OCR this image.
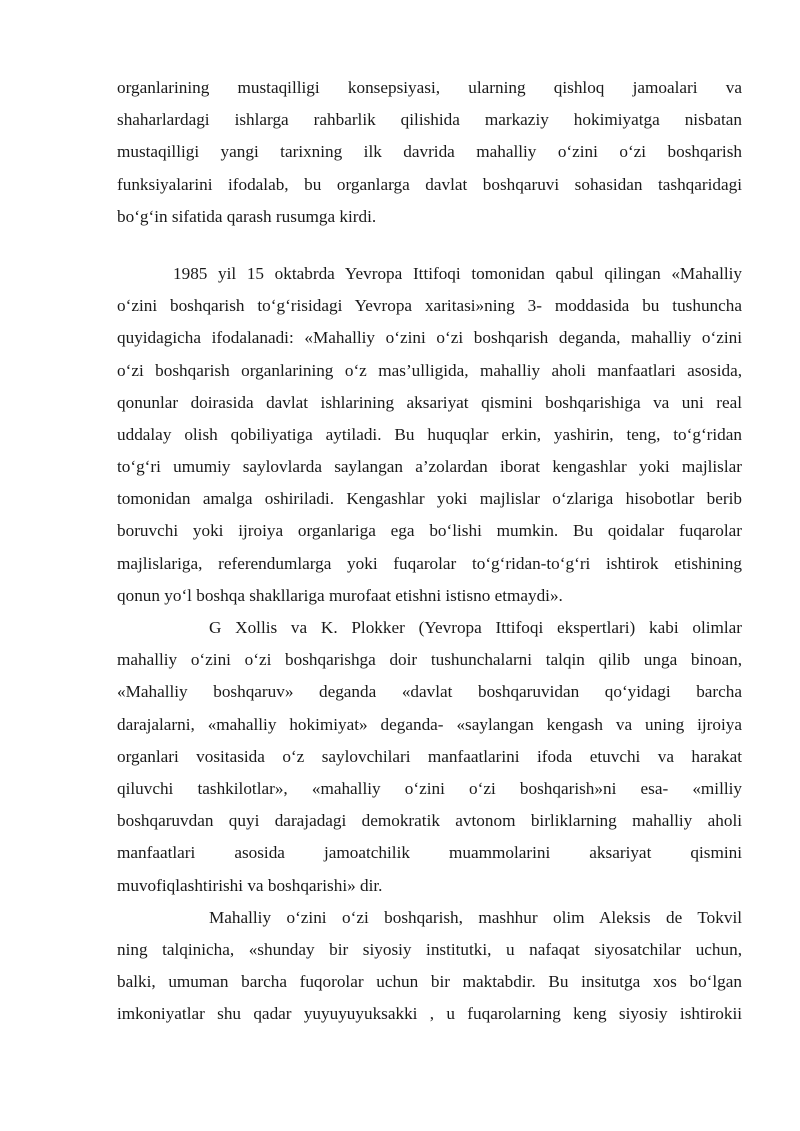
organlarining mustaqilligi konsepsiyasi, ularning qishloq jamoalari va
shaharlardagi ishlarga rahbarlik qilishida markaziy hokimiyatga nisbatan
mustaqilligi yangi tarixning ilk davrida mahalliy o‘zini o‘zi boshqarish
funksiyalarini ifodalab, bu organlarga davlat boshqaruvi sohasidan tashqaridagi
bo‘g‘in sifatida qarash rusumga kirdi.
1985 yil 15 oktabrda Yevropa Ittifoqi tomonidan qabul qilingan «Mahalliy
o‘zini boshqarish to‘g‘risidagi Yevropa xaritasi»ning 3- moddasida bu tushuncha
quyidagicha ifodalanadi: «Mahalliy o‘zini o‘zi boshqarish deganda, mahalliy o‘zini
o‘zi boshqarish organlarining o‘z mas’ulligida, mahalliy aholi manfaatlari asosida,
qonunlar doirasida davlat ishlarining aksariyat qismini boshqarishiga va uni real
uddalay olish qobiliyatiga aytiladi. Bu huquqlar erkin, yashirin, teng, to‘g‘ridan
to‘g‘ri umumiy saylovlarda saylangan a’zolardan iborat kengashlar yoki majlislar
tomonidan amalga oshiriladi. Kengashlar yoki majlislar o‘zlariga hisobotlar berib
boruvchi yoki ijroiya organlariga ega bo‘lishi mumkin. Bu qoidalar fuqarolar
majlislariga, referendumlarga yoki fuqarolar to‘g‘ridan-to‘g‘ri ishtirok etishining
qonun yo‘l boshqa shakllariga murofaat etishni istisno etmaydi».
G Xollis va K. Plokker (Yevropa Ittifoqi ekspertlari) kabi olimlar
mahalliy o‘zini o‘zi boshqarishga doir tushunchalarni talqin qilib unga binoan,
«Mahalliy boshqaruv» deganda «davlat boshqaruvidan qo‘yidagi barcha
darajalarni, «mahalliy hokimiyat» deganda- «saylangan kengash va uning ijroiya
organlari vositasida o‘z saylovchilari manfaatlarini ifoda etuvchi va harakat
qiluvchi tashkilotlar», «mahalliy o‘zini o‘zi boshqarish»ni esa- «milliy
boshqaruvdan quyi darajadagi demokratik avtonom birliklarning mahalliy aholi
manfaatlari asosida jamoatchilik muammolarini aksariyat qismini
muvofiqlashtirishi va boshqarishi» dir.
Mahalliy o‘zini o‘zi boshqarish, mashhur olim Aleksis de Tokvil
ning talqinicha, «shunday bir siyosiy institutki, u nafaqat siyosatchilar uchun,
balki, umuman barcha fuqorolar uchun bir maktabdir. Bu insitutga xos bo‘lgan
imkoniyatlar shu qadar yuyuyuyuksakki , u fuqarolarning keng siyosiy ishtirokii
